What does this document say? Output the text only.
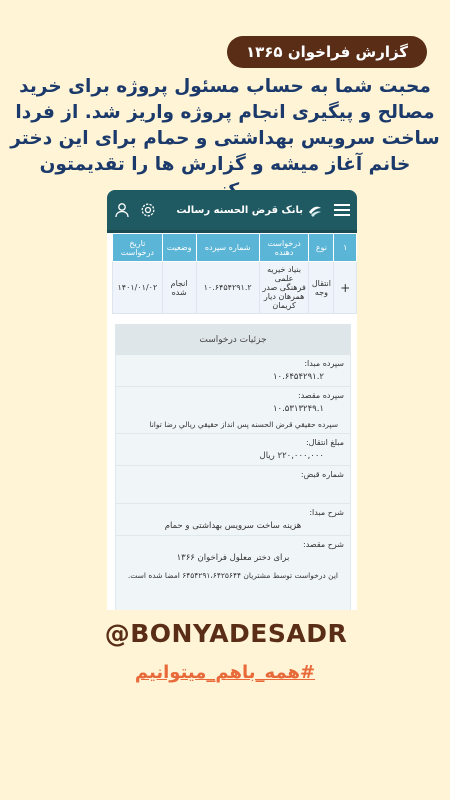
گزارش فراخوان ۱۳۶۵
محبت شما به حساب مسئول پروژه برای خرید مصالح و پیگیری انجام پروژه واریز شد. از فردا ساخت سرویس بهداشتی و حمام برای این دختر خانم آغاز میشه و گزارش ها را تقدیمتون
بانک قرض الحسنه رسالت
۱	نوع	درخواست دهنده	شماره سپرده	وضعیت	تاریخ درخواست
+	انتقال وجه	بنیاد خیریه علمی فرهنگی صدر همرهان دیار کریمان	۱۰.۶۴۵۴۲۹۱.۲	انجام شده	۱۴۰۱/۰۱/۰۲
جزئیات درخواست
سپرده مبدا:
۱۰.۶۴۵۴۲۹۱.۲
سپرده مقصد:
۱۰.۵۳۱۳۲۴۹.۱
سپرده حقیقي قرض الحسنه پس انداز حقيقي ريالي رضا توانا
مبلغ انتقال:
۲۲۰,۰۰۰,۰۰۰ ریال
شماره قبض:
شرح مبدا:
هزینه ساخت سرویس بهداشتی و حمام
شرح مقصد:
برای دختر معلول فراخوان ۱۳۶۶
این درخواست توسط مشتریان ۶۴۵۴۲۹۱،۶۴۲۵۶۴۴ امضا شده است.
@BONYADESADR
#همه_باهم_میتوانیم
